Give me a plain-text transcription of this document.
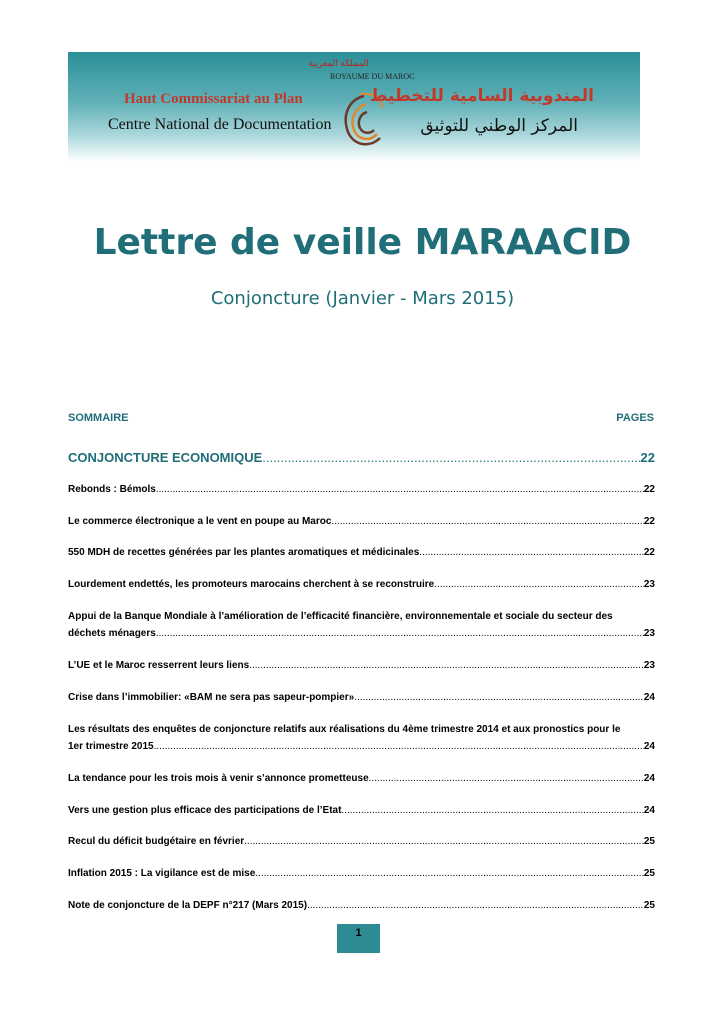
المملكة المغربية
ROYAUME DU MAROC
Haut Commissariat au Plan
Centre National de Documentation
المندوبية السامية للتخطيط
المركز الوطني للتوثيق
Lettre de veille MARAACID
Conjoncture (Janvier - Mars 2015)
SOMMAIRE	PAGES
CONJONCTURE ECONOMIQUE .....	22
Rebonds : Bémols .....	22
Le commerce électronique a le vent en poupe au Maroc .....	22
550 MDH de recettes générées par les plantes aromatiques et médicinales .....	22
Lourdement endettés, les promoteurs marocains cherchent à se reconstruire .....	23
Appui de la Banque Mondiale à l’amélioration de l’efficacité financière, environnementale et sociale du secteur des
déchets ménagers .....	23
L’UE et le Maroc resserrent leurs liens .....	23
Crise dans l’immobilier: «BAM ne sera pas sapeur-pompier» .....	24
Les résultats des enquêtes de conjoncture relatifs aux réalisations du 4ème trimestre 2014 et aux pronostics pour le
1er trimestre 2015 .....	24
La tendance pour les trois mois à venir s’annonce prometteuse .....	24
Vers une gestion plus efficace des participations de l’Etat .....	24
Recul du déficit budgétaire en février .....	25
Inflation 2015 : La vigilance est de mise .....	25
Note de conjoncture de la DEPF n°217 (Mars 2015) .....	25
1
